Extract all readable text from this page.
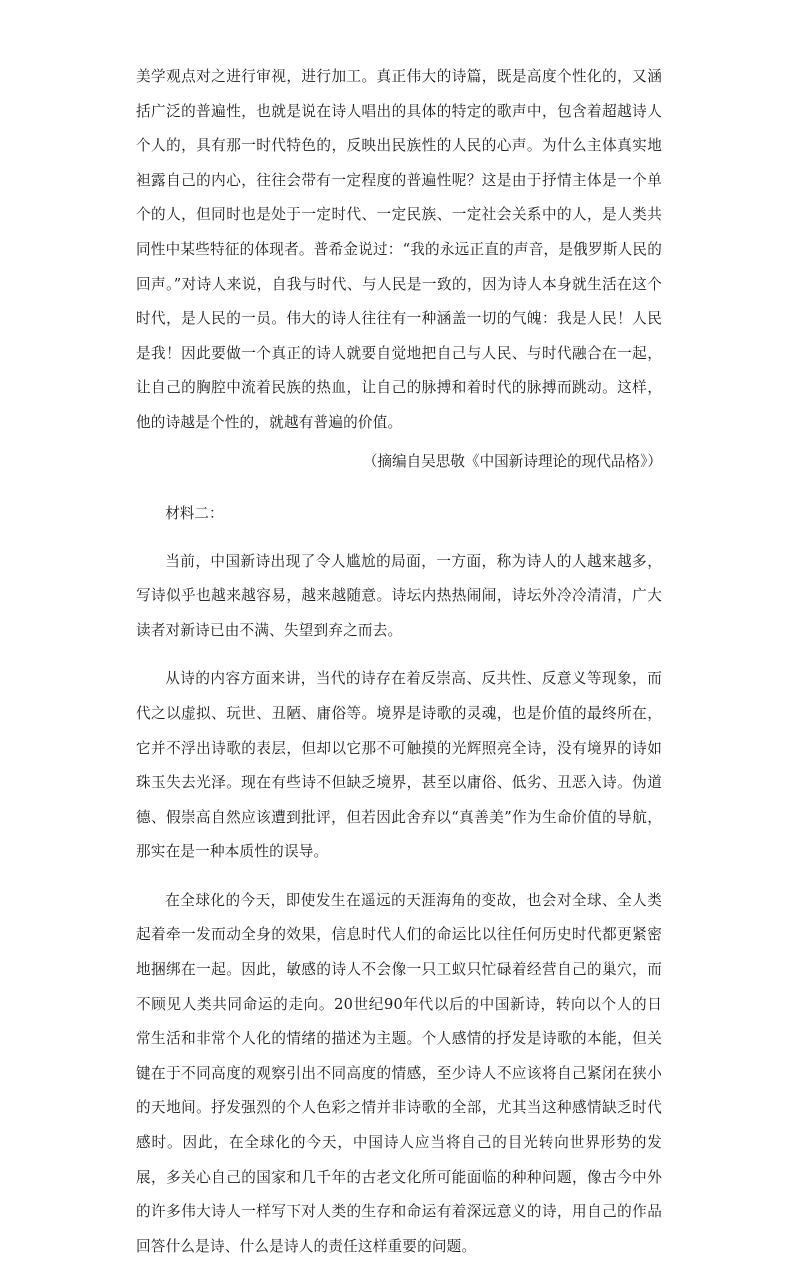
美学观点对之进行审视，进行加工。真正伟大的诗篇，既是高度个性化的，又涵括广泛的普遍性，也就是说在诗人唱出的具体的特定的歌声中，包含着超越诗人个人的，具有那一时代特色的，反映出民族性的人民的心声。为什么主体真实地袒露自己的内心，往往会带有一定程度的普遍性呢？这是由于抒情主体是一个单个的人，但同时也是处于一定时代、一定民族、一定社会关系中的人，是人类共同性中某些特征的体现者。普希金说过：“我的永远正直的声音，是俄罗斯人民的回声。”对诗人来说，自我与时代、与人民是一致的，因为诗人本身就生活在这个时代，是人民的一员。伟大的诗人往往有一种涵盖一切的气魄：我是人民！人民是我！因此要做一个真正的诗人就要自觉地把自己与人民、与时代融合在一起，让自己的胸腔中流着民族的热血，让自己的脉搏和着时代的脉搏而跳动。这样，他的诗越是个性的，就越有普遍的价值。

（摘编自吴思敬《中国新诗理论的现代品格》）

材料二：

当前，中国新诗出现了令人尴尬的局面，一方面，称为诗人的人越来越多，写诗似乎也越来越容易，越来越随意。诗坛内热热闹闹，诗坛外冷冷清清，广大读者对新诗已由不满、失望到弃之而去。

从诗的内容方面来讲，当代的诗存在着反崇高、反共性、反意义等现象，而代之以虚拟、玩世、丑陋、庸俗等。境界是诗歌的灵魂，也是价值的最终所在，它并不浮出诗歌的表层，但却以它那不可触摸的光辉照亮全诗，没有境界的诗如珠玉失去光泽。现在有些诗不但缺乏境界，甚至以庸俗、低劣、丑恶入诗。伪道德、假崇高自然应该遭到批评，但若因此舍弃以“真善美”作为生命价值的导航，那实在是一种本质性的误导。

在全球化的今天，即使发生在遥远的天涯海角的变故，也会对全球、全人类起着牵一发而动全身的效果，信息时代人们的命运比以往任何历史时代都更紧密地捆绑在一起。因此，敏感的诗人不会像一只工蚁只忙碌着经营自己的巢穴，而不顾见人类共同命运的走向。20世纪90年代以后的中国新诗，转向以个人的日常生活和非常个人化的情绪的描述为主题。个人感情的抒发是诗歌的本能，但关键在于不同高度的观察引出不同高度的情感，至少诗人不应该将自己紧闭在狭小的天地间。抒发强烈的个人色彩之情并非诗歌的全部，尤其当这种感情缺乏时代感时。因此，在全球化的今天，中国诗人应当将自己的目光转向世界形势的发展，多关心自己的国家和几千年的古老文化所可能面临的种种问题，像古今中外的许多伟大诗人一样写下对人类的生存和命运有着深远意义的诗，用自己的作品回答什么是诗、什么是诗人的责任这样重要的问题。
